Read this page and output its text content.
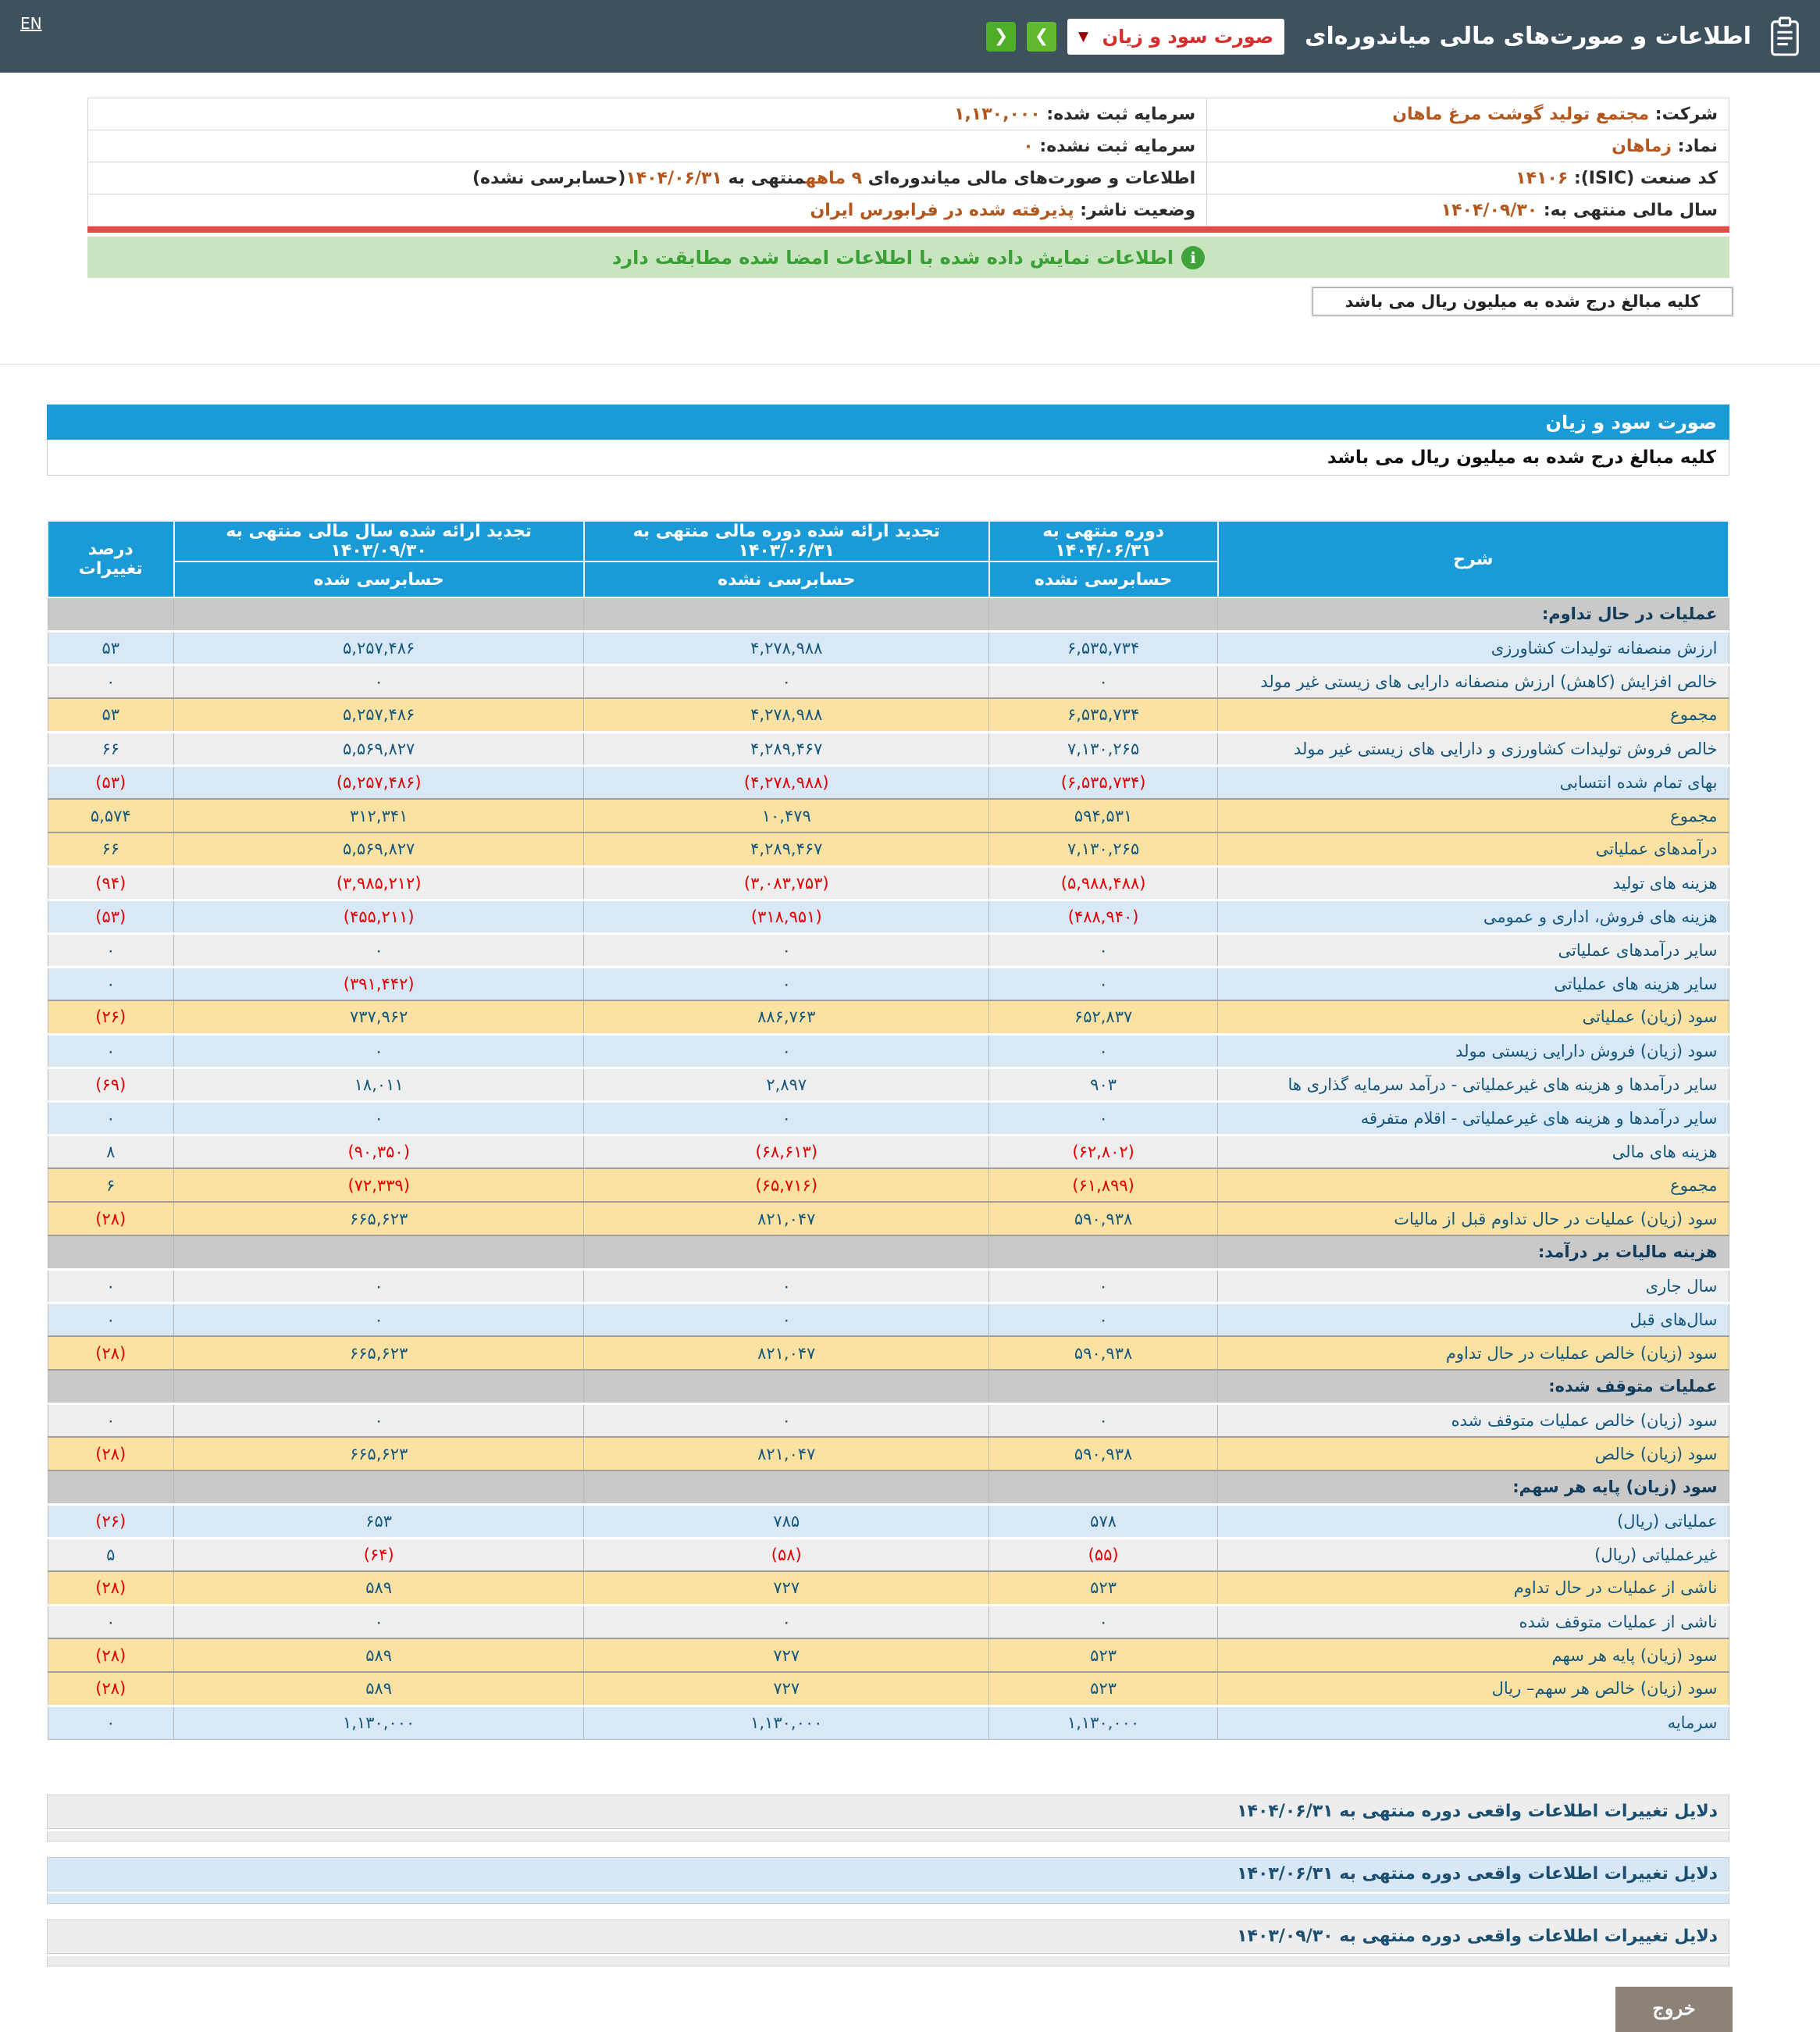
اطلاعات و صورت‌های مالی میاندوره‌ای
صورت سود و زیان
▼
❯
❮
EN
شرکت: مجتمع تولید گوشت مرغ ماهان	سرمایه ثبت شده: ۱,۱۳۰,۰۰۰
نماد: زماهان	سرمایه ثبت نشده: ۰
کد صنعت (ISIC): ۱۴۱۰۶	اطلاعات و صورت‌های مالی میاندوره‌ای ۹ ماههمنتهی به ۱۴۰۴/۰۶/۳۱(حسابرسی نشده)
سال مالی منتهی به: ۱۴۰۴/۰۹/۳۰	وضعیت ناشر: پذیرفته شده در فرابورس ایران
i
اطلاعات نمایش داده شده با اطلاعات امضا شده مطابقت دارد
کلیه مبالغ درج شده به میلیون ریال می باشد
صورت سود و زیان
کلیه مبالغ درج شده به میلیون ریال می باشد
شرح	دوره منتهی به ۱۴۰۴/۰۶/۳۱	تجدید ارائه شده دوره مالی منتهی به ۱۴۰۳/۰۶/۳۱	تجدید ارائه شده سال مالی منتهی به ۱۴۰۳/۰۹/۳۰	درصد تغییرات
	حسابرسی نشده	حسابرسی نشده	حسابرسی شده	
عملیات در حال تداوم:				
ارزش منصفانه تولیدات کشاورزی	۶,۵۳۵,۷۳۴	۴,۲۷۸,۹۸۸	۵,۲۵۷,۴۸۶	۵۳
خالص افزایش (کاهش) ارزش منصفانه دارایی های زیستی غیر مولد	۰	۰	۰	۰
مجموع	۶,۵۳۵,۷۳۴	۴,۲۷۸,۹۸۸	۵,۲۵۷,۴۸۶	۵۳
خالص فروش تولیدات کشاورزی و دارایی های زیستی غیر مولد	۷,۱۳۰,۲۶۵	۴,۲۸۹,۴۶۷	۵,۵۶۹,۸۲۷	۶۶
بهای تمام شده انتسابی	(۶,۵۳۵,۷۳۴)	(۴,۲۷۸,۹۸۸)	(۵,۲۵۷,۴۸۶)	(۵۳)
مجموع	۵۹۴,۵۳۱	۱۰,۴۷۹	۳۱۲,۳۴۱	۵,۵۷۴
درآمدهای عملیاتی	۷,۱۳۰,۲۶۵	۴,۲۸۹,۴۶۷	۵,۵۶۹,۸۲۷	۶۶
هزینه های تولید	(۵,۹۸۸,۴۸۸)	(۳,۰۸۳,۷۵۳)	(۳,۹۸۵,۲۱۲)	(۹۴)
هزینه های فروش، اداری و عمومی	(۴۸۸,۹۴۰)	(۳۱۸,۹۵۱)	(۴۵۵,۲۱۱)	(۵۳)
سایر درآمدهای عملیاتی	۰	۰	۰	۰
سایر هزینه های عملیاتی	۰	۰	(۳۹۱,۴۴۲)	۰
سود (زیان) عملیاتی	۶۵۲,۸۳۷	۸۸۶,۷۶۳	۷۳۷,۹۶۲	(۲۶)
سود (زیان) فروش دارایی زیستی مولد	۰	۰	۰	۰
سایر درآمدها و هزینه های غیرعملیاتی - درآمد سرمایه گذاری ها	۹۰۳	۲,۸۹۷	۱۸,۰۱۱	(۶۹)
سایر درآمدها و هزینه های غیرعملیاتی - اقلام متفرقه	۰	۰	۰	۰
هزینه های مالی	(۶۲,۸۰۲)	(۶۸,۶۱۳)	(۹۰,۳۵۰)	۸
مجموع	(۶۱,۸۹۹)	(۶۵,۷۱۶)	(۷۲,۳۳۹)	۶
سود (زیان) عملیات در حال تداوم قبل از مالیات	۵۹۰,۹۳۸	۸۲۱,۰۴۷	۶۶۵,۶۲۳	(۲۸)
هزینه مالیات بر درآمد:				
سال جاری	۰	۰	۰	۰
سال‌های قبل	۰	۰	۰	۰
سود (زیان) خالص عملیات در حال تداوم	۵۹۰,۹۳۸	۸۲۱,۰۴۷	۶۶۵,۶۲۳	(۲۸)
عملیات متوقف شده:				
سود (زیان) خالص عملیات متوقف شده	۰	۰	۰	۰
سود (زیان) خالص	۵۹۰,۹۳۸	۸۲۱,۰۴۷	۶۶۵,۶۲۳	(۲۸)
سود (زیان) پایه هر سهم:				
عملیاتی (ریال)	۵۷۸	۷۸۵	۶۵۳	(۲۶)
غیرعملیاتی (ریال)	(۵۵)	(۵۸)	(۶۴)	۵
ناشی از عملیات در حال تداوم	۵۲۳	۷۲۷	۵۸۹	(۲۸)
ناشی از عملیات متوقف شده	۰	۰	۰	۰
سود (زیان) پایه هر سهم	۵۲۳	۷۲۷	۵۸۹	(۲۸)
سود (زیان) خالص هر سهم– ریال	۵۲۳	۷۲۷	۵۸۹	(۲۸)
سرمایه	۱,۱۳۰,۰۰۰	۱,۱۳۰,۰۰۰	۱,۱۳۰,۰۰۰	۰
دلایل تغییرات اطلاعات واقعی دوره منتهی به ۱۴۰۴/۰۶/۳۱
دلایل تغییرات اطلاعات واقعی دوره منتهی به ۱۴۰۳/۰۶/۳۱
دلایل تغییرات اطلاعات واقعی دوره منتهی به ۱۴۰۳/۰۹/۳۰
خروج
